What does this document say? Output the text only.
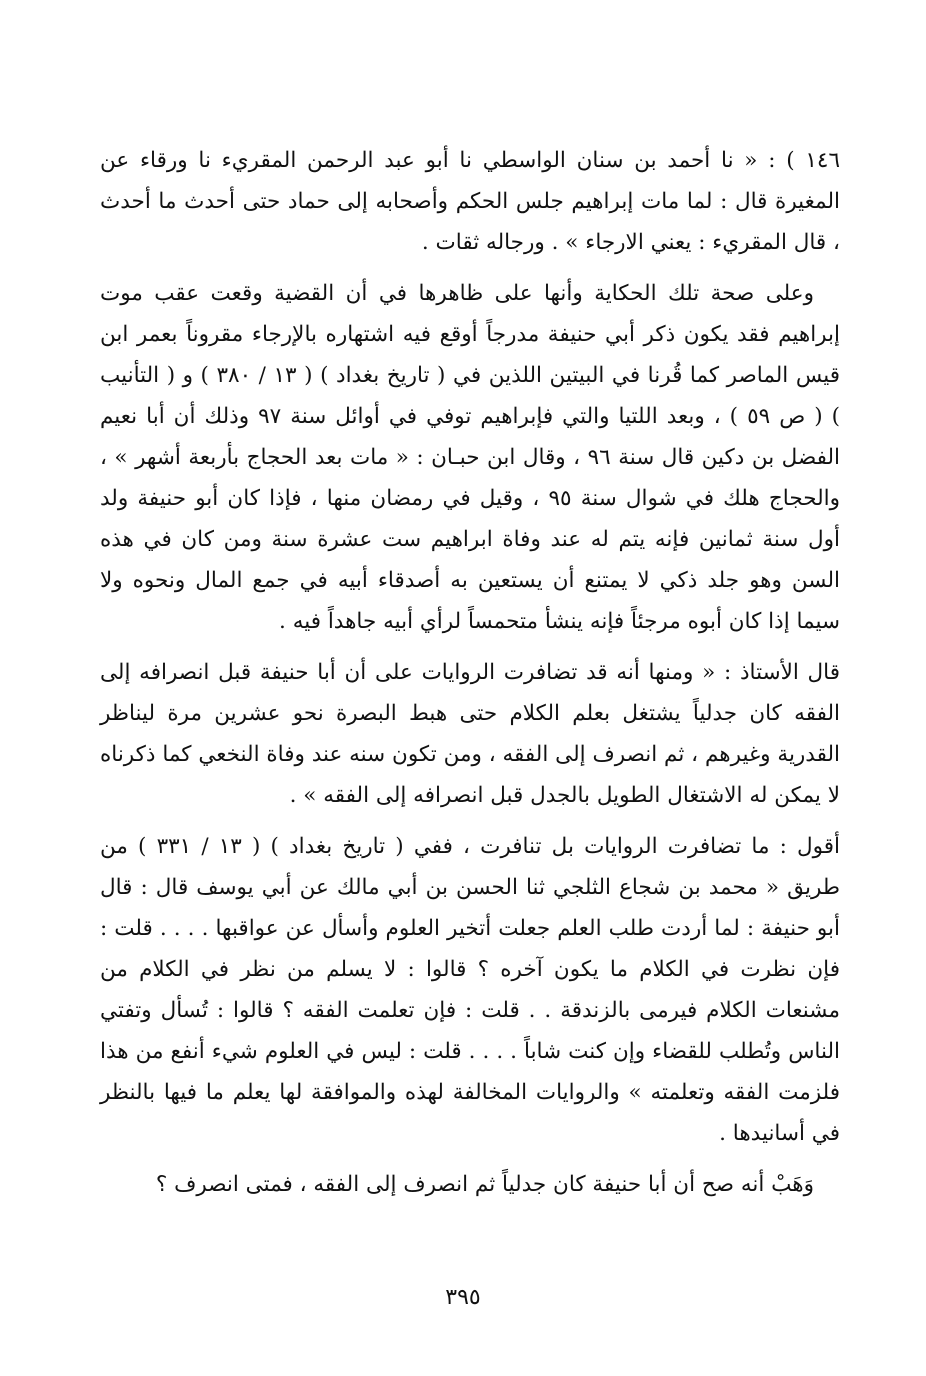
١٤٦ ) : « نا أحمد بن سنان الواسطي نا أبو عبد الرحمن المقريء نا ورقاء عن المغيرة قال : لما مات إبراهيم جلس الحكم وأصحابه إلى حماد حتى أحدث ما أحدث ، قال المقريء : يعني الارجاء » . ورجاله ثقات .

وعلى صحة تلك الحكاية وأنها على ظاهرها في أن القضية وقعت عقب موت إبراهيم فقد يكون ذكر أبي حنيفة مدرجاً أوقع فيه اشتهاره بالإرجاء مقروناً بعمر ابن قيس الماصر كما قُرنا في البيتين اللذين في ( تاريخ بغداد ) ( ١٣ / ٣٨٠ ) و ( التأنيب ) ( ص ٥٩ ) ، وبعد اللتيا والتي فإبراهيم توفي في أوائل سنة ٩٧ وذلك أن أبا نعيم الفضل بن دكين قال سنة ٩٦ ، وقال ابن حبـان : « مات بعد الحجاج بأربعة أشهر » ، والحجاج هلك في شوال سنة ٩٥ ، وقيل في رمضان منها ، فإذا كان أبو حنيفة ولد أول سنة ثمانين فإنه يتم له عند وفاة ابراهيم ست عشرة سنة ومن كان في هذه السن وهو جلد ذكي لا يمتنع أن يستعين به أصدقاء أبيه في جمع المال ونحوه ولا سيما إذا كان أبوه مرجئاً فإنه ينشأ متحمساً لرأي أبيه جاهداً فيه .

قال الأستاذ : « ومنها أنه قد تضافرت الروايات على أن أبا حنيفة قبل انصرافه إلى الفقه كان جدلياً يشتغل بعلم الكلام حتى هبط البصرة نحو عشرين مرة ليناظر القدرية وغيرهم ، ثم انصرف إلى الفقه ، ومن تكون سنه عند وفاة النخعي كما ذكرناه لا يمكن له الاشتغال الطويل بالجدل قبل انصرافه إلى الفقه » .

أقول : ما تضافرت الروايات بل تنافرت ، ففي ( تاريخ بغداد ) ( ١٣ / ٣٣١ ) من طريق « محمد بن شجاع الثلجي ثنا الحسن بن أبي مالك عن أبي يوسف قال : قال أبو حنيفة : لما أردت طلب العلم جعلت أتخير العلوم وأسأل عن عواقبها . . . . قلت : فإن نظرت في الكلام ما يكون آخره ؟ قالوا : لا يسلم من نظر في الكلام من مشنعات الكلام فيرمى بالزندقة . . قلت : فإن تعلمت الفقه ؟ قالوا : تُسأل وتفتي الناس وتُطلب للقضاء وإن كنت شاباً . . . . قلت : ليس في العلوم شيء أنفع من هذا فلزمت الفقه وتعلمته » والروايات المخالفة لهذه والموافقة لها يعلم ما فيها بالنظر في أسانيدها .

وَهَبْ أنه صح أن أبا حنيفة كان جدلياً ثم انصرف إلى الفقه ، فمتى انصرف ؟

٣٩٥
